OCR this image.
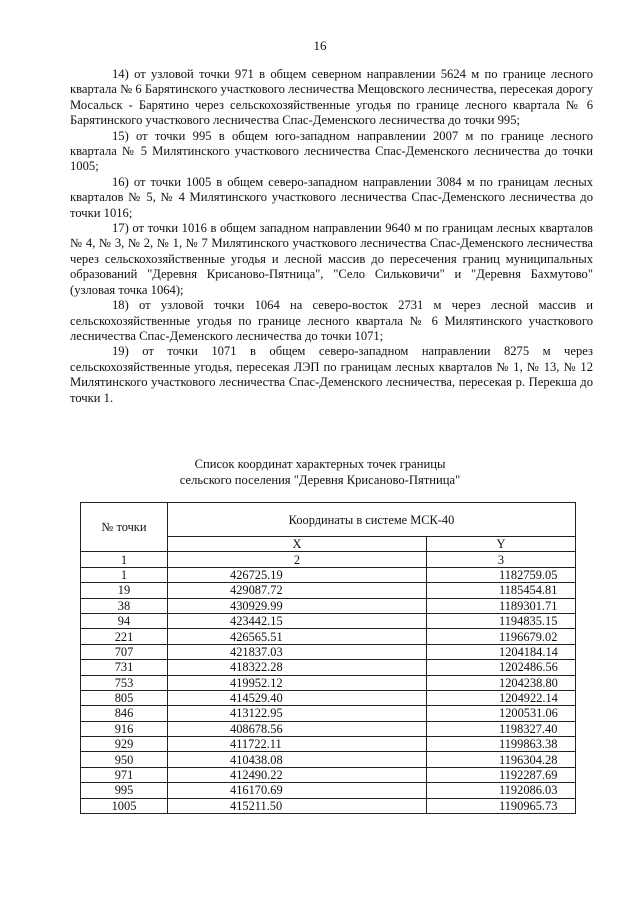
16

14) от узловой точки 971 в общем северном направлении 5624 м по границе лесного квартала № 6 Барятинского участкового лесничества Мещовского лесничества, пересекая дорогу Мосальск - Барятино через сельскохозяйственные угодья по границе лесного квартала № 6 Барятинского участкового лесничества Спас-Деменского лесничества до точки 995;

15) от точки 995 в общем юго-западном направлении 2007 м по границе лесного квартала № 5 Милятинского участкового лесничества Спас-Деменского лесничества до точки 1005;

16) от точки 1005 в общем северо-западном направлении 3084 м по границам лесных кварталов № 5, № 4 Милятинского участкового лесничества Спас-Деменского лесничества до точки 1016;

17) от точки 1016 в общем западном направлении 9640 м по границам лесных кварталов № 4, № 3, № 2, № 1, № 7 Милятинского участкового лесничества Спас-Деменского лесничества через сельскохозяйственные угодья и лесной массив до пересечения границ муниципальных образований "Деревня Крисаново-Пятница", "Село Сильковичи" и "Деревня Бахмутово" (узловая точка 1064);

18) от узловой точки 1064 на северо-восток 2731 м через лесной массив и сельскохозяйственные угодья по границе лесного квартала № 6 Милятинского участкового лесничества Спас-Деменского лесничества до точки 1071;

19) от точки 1071 в общем северо-западном направлении 8275 м через сельскохозяйственные угодья, пересекая ЛЭП по границам лесных кварталов № 1, № 13, № 12 Милятинского участкового лесничества Спас-Деменского лесничества, пересекая р. Перекша до точки 1.

Список координат характерных точек границы
сельского поселения "Деревня Крисаново-Пятница"
№ точки	Координаты в системе МСК-40	
	X	Y
1	2	3
1	426725.19	1182759.05
19	429087.72	1185454.81
38	430929.99	1189301.71
94	423442.15	1194835.15
221	426565.51	1196679.02
707	421837.03	1204184.14
731	418322.28	1202486.56
753	419952.12	1204238.80
805	414529.40	1204922.14
846	413122.95	1200531.06
916	408678.56	1198327.40
929	411722.11	1199863.38
950	410438.08	1196304.28
971	412490.22	1192287.69
995	416170.69	1192086.03
1005	415211.50	1190965.73
